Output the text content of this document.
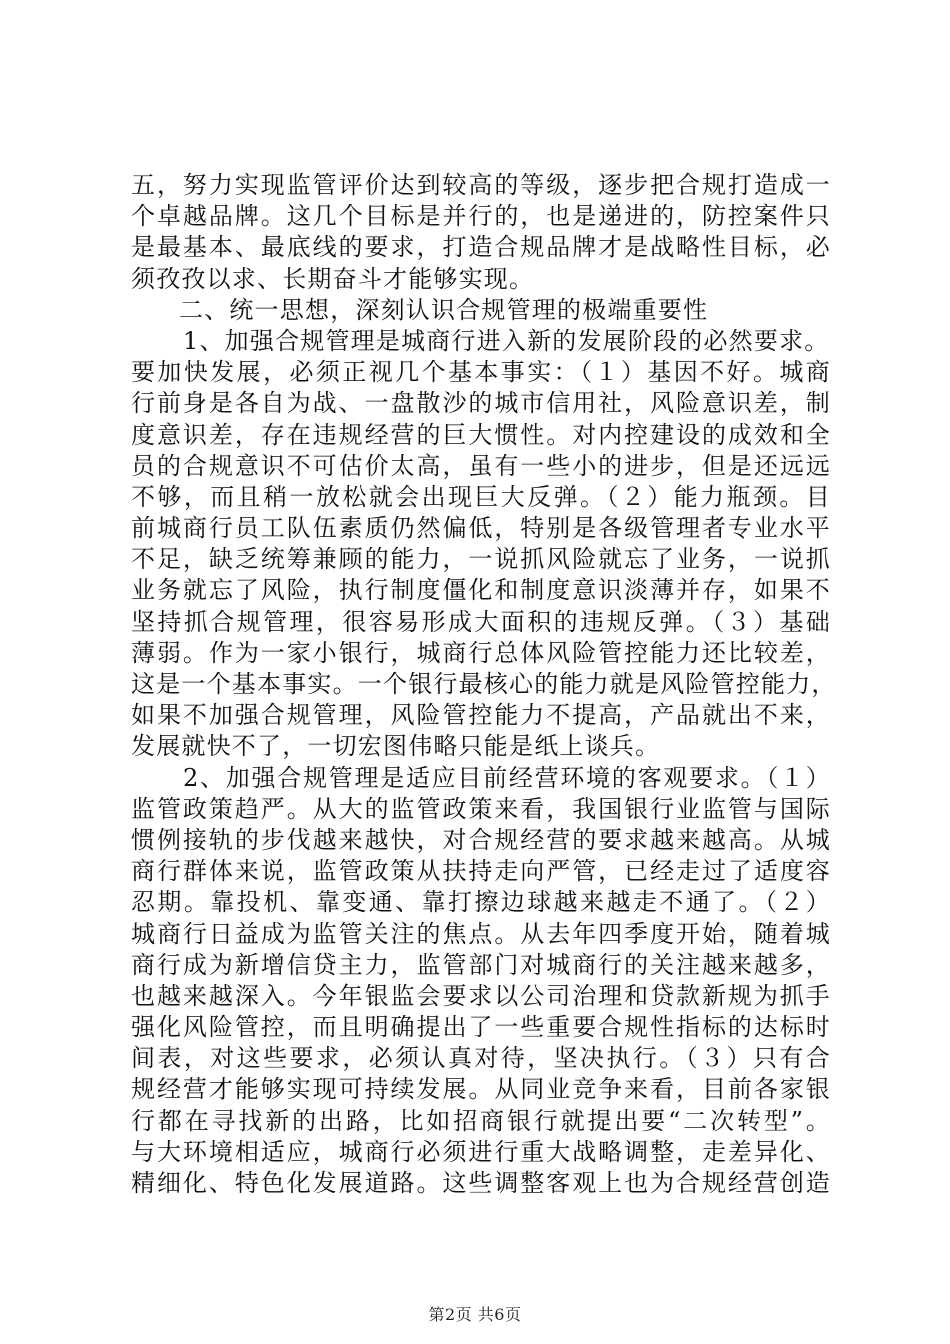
五，努力实现监管评价达到较高的等级，逐步把合规打造成一
个卓越品牌。这几个目标是并行的，也是递进的，防控案件只
是最基本、最底线的要求，打造合规品牌才是战略性目标，必
须孜孜以求、长期奋斗才能够实现。
二、统一思想，深刻认识合规管理的极端重要性
1、加强合规管理是城商行进入新的发展阶段的必然要求。
要加快发展，必须正视几个基本事实：（１）基因不好。城商
行前身是各自为战、一盘散沙的城市信用社，风险意识差，制
度意识差，存在违规经营的巨大惯性。对内控建设的成效和全
员的合规意识不可估价太高，虽有一些小的进步，但是还远远
不够，而且稍一放松就会出现巨大反弹。（２）能力瓶颈。目
前城商行员工队伍素质仍然偏低，特别是各级管理者专业水平
不足，缺乏统筹兼顾的能力，一说抓风险就忘了业务，一说抓
业务就忘了风险，执行制度僵化和制度意识淡薄并存，如果不
坚持抓合规管理，很容易形成大面积的违规反弹。（３）基础
薄弱。作为一家小银行，城商行总体风险管控能力还比较差，
这是一个基本事实。一个银行最核心的能力就是风险管控能力，
如果不加强合规管理，风险管控能力不提高，产品就出不来，
发展就快不了，一切宏图伟略只能是纸上谈兵。
2、加强合规管理是适应目前经营环境的客观要求。（１）
监管政策趋严。从大的监管政策来看，我国银行业监管与国际
惯例接轨的步伐越来越快，对合规经营的要求越来越高。从城
商行群体来说，监管政策从扶持走向严管，已经走过了适度容
忍期。靠投机、靠变通、靠打擦边球越来越走不通了。（２）
城商行日益成为监管关注的焦点。从去年四季度开始，随着城
商行成为新增信贷主力，监管部门对城商行的关注越来越多，
也越来越深入。今年银监会要求以公司治理和贷款新规为抓手
强化风险管控，而且明确提出了一些重要合规性指标的达标时
间表，对这些要求，必须认真对待，坚决执行。（３）只有合
规经营才能够实现可持续发展。从同业竞争来看，目前各家银
行都在寻找新的出路，比如招商银行就提出要“二次转型”。
与大环境相适应，城商行必须进行重大战略调整，走差异化、
精细化、特色化发展道路。这些调整客观上也为合规经营创造
第2页 共6页
